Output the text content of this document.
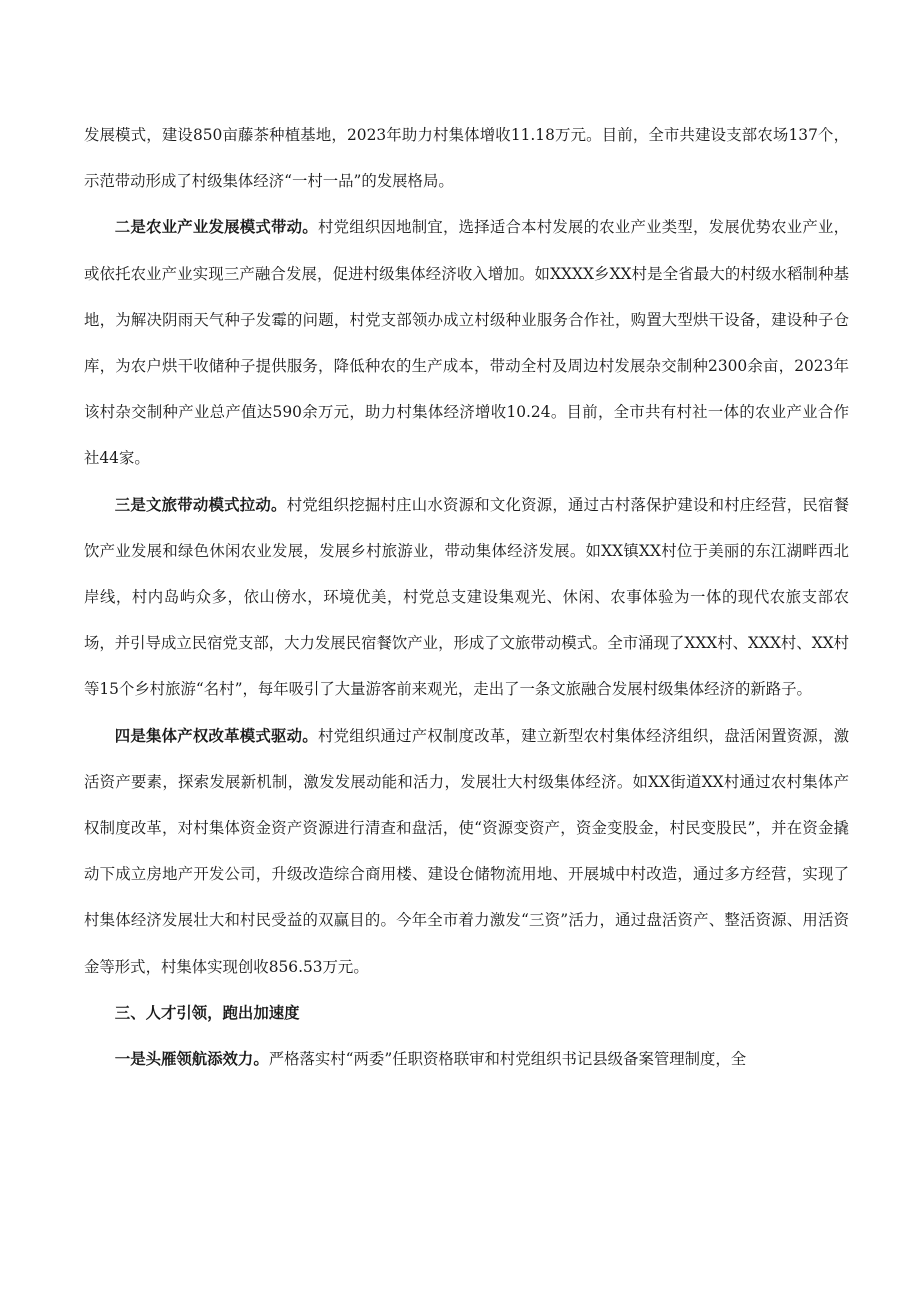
发展模式，建设850亩藤茶种植基地，2023年助力村集体增收11.18万元。目前，全市共建设支部农场137个，示范带动形成了村级集体经济“一村一品”的发展格局。

二是农业产业发展模式带动。村党组织因地制宜，选择适合本村发展的农业产业类型，发展优势农业产业，或依托农业产业实现三产融合发展，促进村级集体经济收入增加。如XXXX乡XX村是全省最大的村级水稻制种基地，为解决阴雨天气种子发霉的问题，村党支部领办成立村级种业服务合作社，购置大型烘干设备，建设种子仓库，为农户烘干收储种子提供服务，降低种农的生产成本，带动全村及周边村发展杂交制种2300余亩，2023年该村杂交制种产业总产值达590余万元，助力村集体经济增收10.24。目前，全市共有村社一体的农业产业合作社44家。

三是文旅带动模式拉动。村党组织挖掘村庄山水资源和文化资源，通过古村落保护建设和村庄经营，民宿餐饮产业发展和绿色休闲农业发展，发展乡村旅游业，带动集体经济发展。如XX镇XX村位于美丽的东江湖畔西北岸线，村内岛屿众多，依山傍水，环境优美，村党总支建设集观光、休闲、农事体验为一体的现代农旅支部农场，并引导成立民宿党支部，大力发展民宿餐饮产业，形成了文旅带动模式。全市涌现了XXX村、XXX村、XX村等15个乡村旅游“名村”，每年吸引了大量游客前来观光，走出了一条文旅融合发展村级集体经济的新路子。

四是集体产权改革模式驱动。村党组织通过产权制度改革，建立新型农村集体经济组织，盘活闲置资源，激活资产要素，探索发展新机制，激发发展动能和活力，发展壮大村级集体经济。如XX街道XX村通过农村集体产权制度改革，对村集体资金资产资源进行清查和盘活，使“资源变资产，资金变股金，村民变股民”，并在资金撬动下成立房地产开发公司，升级改造综合商用楼、建设仓储物流用地、开展城中村改造，通过多方经营，实现了村集体经济发展壮大和村民受益的双赢目的。今年全市着力激发“三资”活力，通过盘活资产、整活资源、用活资金等形式，村集体实现创收856.53万元。

三、人才引领，跑出加速度

一是头雁领航添效力。严格落实村“两委”任职资格联审和村党组织书记县级备案管理制度，全
